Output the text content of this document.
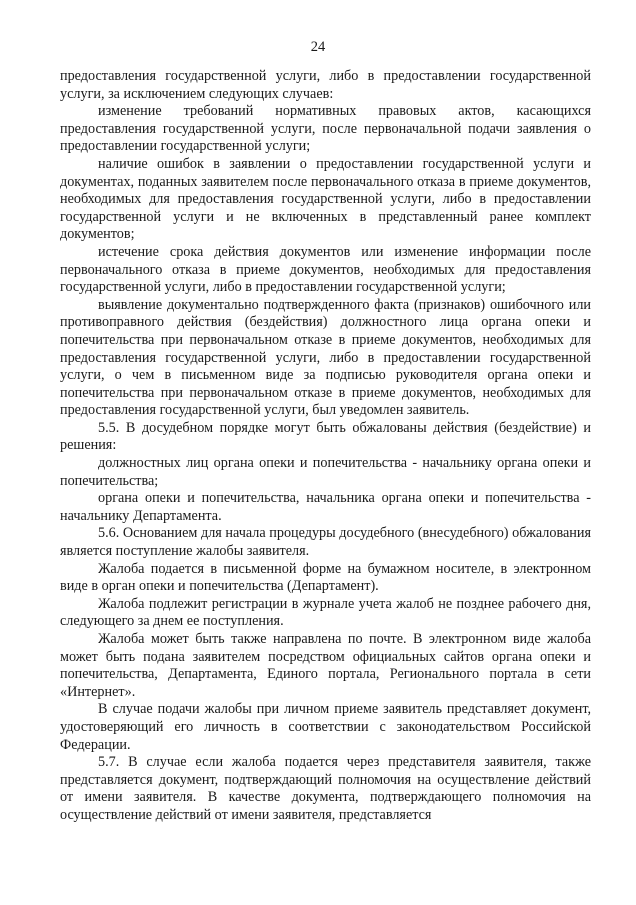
24

предоставления государственной услуги, либо в предоставлении государственной услуги, за исключением следующих случаев:

изменение требований нормативных правовых актов, касающихся предоставления государственной услуги, после первоначальной подачи заявления о предоставлении государственной услуги;

наличие ошибок в заявлении о предоставлении государственной услуги и документах, поданных заявителем после первоначального отказа в приеме документов, необходимых для предоставления государственной услуги, либо в предоставлении государственной услуги и не включенных в представленный ранее комплект документов;

истечение срока действия документов или изменение информации после первоначального отказа в приеме документов, необходимых для предоставления государственной услуги, либо в предоставлении государственной услуги;

выявление документально подтвержденного факта (признаков) ошибочного или противоправного действия (бездействия) должностного лица органа опеки и попечительства при первоначальном отказе в приеме документов, необходимых для предоставления государственной услуги, либо в предоставлении государственной услуги, о чем в письменном виде за подписью руководителя органа опеки и попечительства при первоначальном отказе в приеме документов, необходимых для предоставления государственной услуги, был уведомлен заявитель.

5.5. В досудебном порядке могут быть обжалованы действия (бездействие) и решения:

должностных лиц органа опеки и попечительства - начальнику органа опеки и попечительства;

органа опеки и попечительства, начальника органа опеки и попечительства - начальнику Департамента.

5.6. Основанием для начала процедуры досудебного (внесудебного) обжалования является поступление жалобы заявителя.

Жалоба подается в письменной форме на бумажном носителе, в электронном виде в орган опеки и попечительства (Департамент).

Жалоба подлежит регистрации в журнале учета жалоб не позднее рабочего дня, следующего за днем ее поступления.

Жалоба может быть также направлена по почте. В электронном виде жалоба может быть подана заявителем посредством официальных сайтов органа опеки и попечительства, Департамента, Единого портала, Регионального портала в сети «Интернет».

В случае подачи жалобы при личном приеме заявитель представляет документ, удостоверяющий его личность в соответствии с законодательством Российской Федерации.

5.7. В случае если жалоба подается через представителя заявителя, также представляется документ, подтверждающий полномочия на осуществление действий от имени заявителя. В качестве документа, подтверждающего полномочия на осуществление действий от имени заявителя, представляется
